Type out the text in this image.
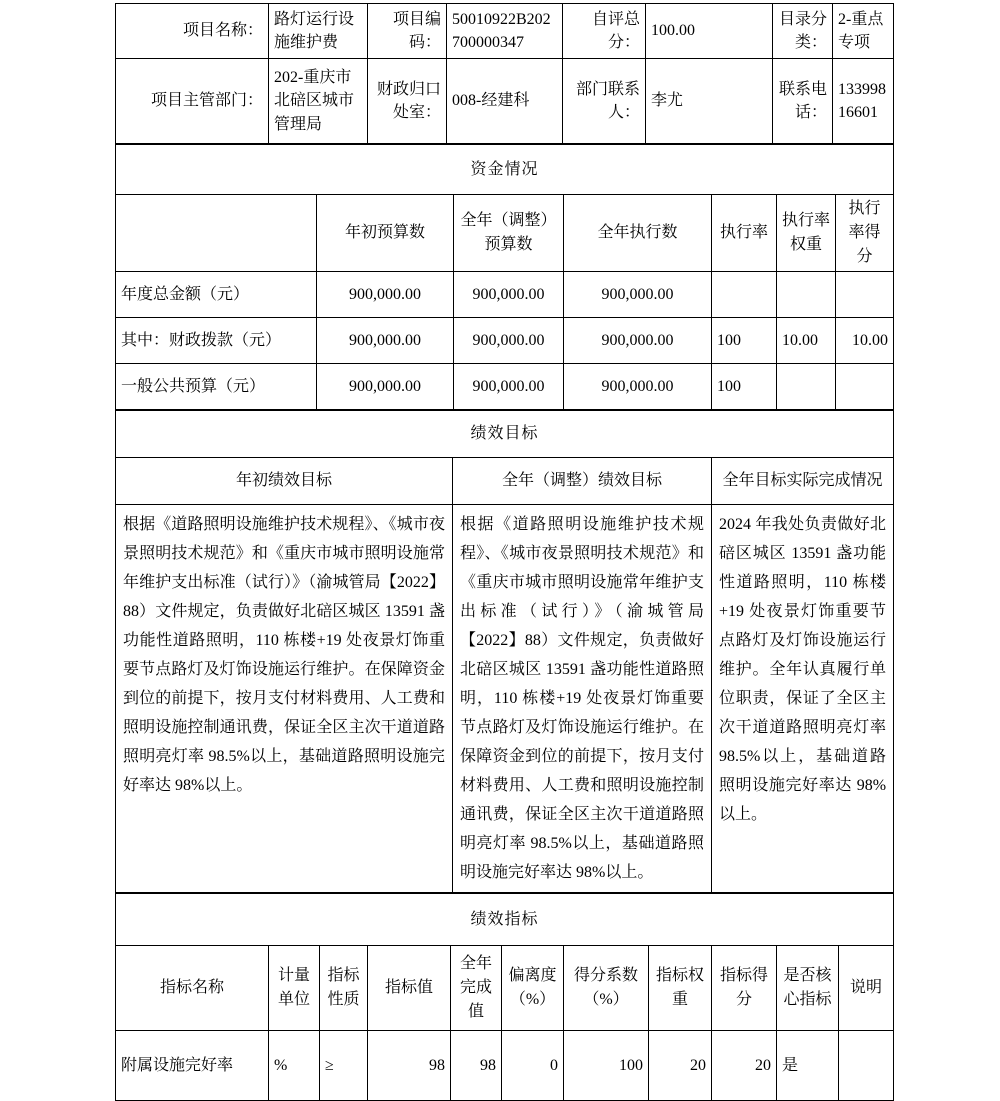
项目名称：	路灯运行设施维护费	项目编码：	50010922B202700000347	自评总分：	100.00	目录分类：	2-重点专项
项目主管部门：	202-重庆市北碚区城市管理局	财政归口处室：	008-经建科	部门联系人：	李尤	联系电话：	13399816601
资金情况						
	年初预算数	全年（调整）预算数	全年执行数	执行率	执行率权重	执行率得分
年度总金额（元）	900,000.00	900,000.00	900,000.00			
其中：财政拨款（元）	900,000.00	900,000.00	900,000.00	100	10.00	10.00
一般公共预算（元）	900,000.00	900,000.00	900,000.00	100		
绩效目标		
年初绩效目标	全年（调整）绩效目标	全年目标实际完成情况
根据《道路照明设施维护技术规程》、《城市夜景照明技术规范》和《重庆市城市照明设施常年维护支出标准（试行）》（渝城管局【2022】88）文件规定，负责做好北碚区城区 13591 盏功能性道路照明，110 栋楼+19 处夜景灯饰重要节点路灯及灯饰设施运行维护。在保障资金到位的前提下，按月支付材料费用、人工费和照明设施控制通讯费，保证全区主次干道道路照明亮灯率 98.5%以上，基础道路照明设施完好率达 98%以上。	根据《道路照明设施维护技术规程》、《城市夜景照明技术规范》和《重庆市城市照明设施常年维护支出标准（试行）》（渝城管局【2022】88）文件规定，负责做好北碚区城区 13591 盏功能性道路照明，110 栋楼+19 处夜景灯饰重要节点路灯及灯饰设施运行维护。在保障资金到位的前提下，按月支付材料费用、人工费和照明设施控制通讯费，保证全区主次干道道路照明亮灯率 98.5%以上，基础道路照明设施完好率达 98%以上。	2024 年我处负责做好北碚区城区 13591 盏功能性道路照明，110 栋楼+19 处夜景灯饰重要节点路灯及灯饰设施运行维护。全年认真履行单位职责，保证了全区主次干道道路照明亮灯率 98.5%以上，基础道路照明设施完好率达 98%以上。
绩效指标										
指标名称	计量单位	指标性质	指标值	全年完成值	偏离度（%）	得分系数（%）	指标权重	指标得分	是否核心指标	说明
附属设施完好率	%	≥	98	98	0	100	20	20	是	
